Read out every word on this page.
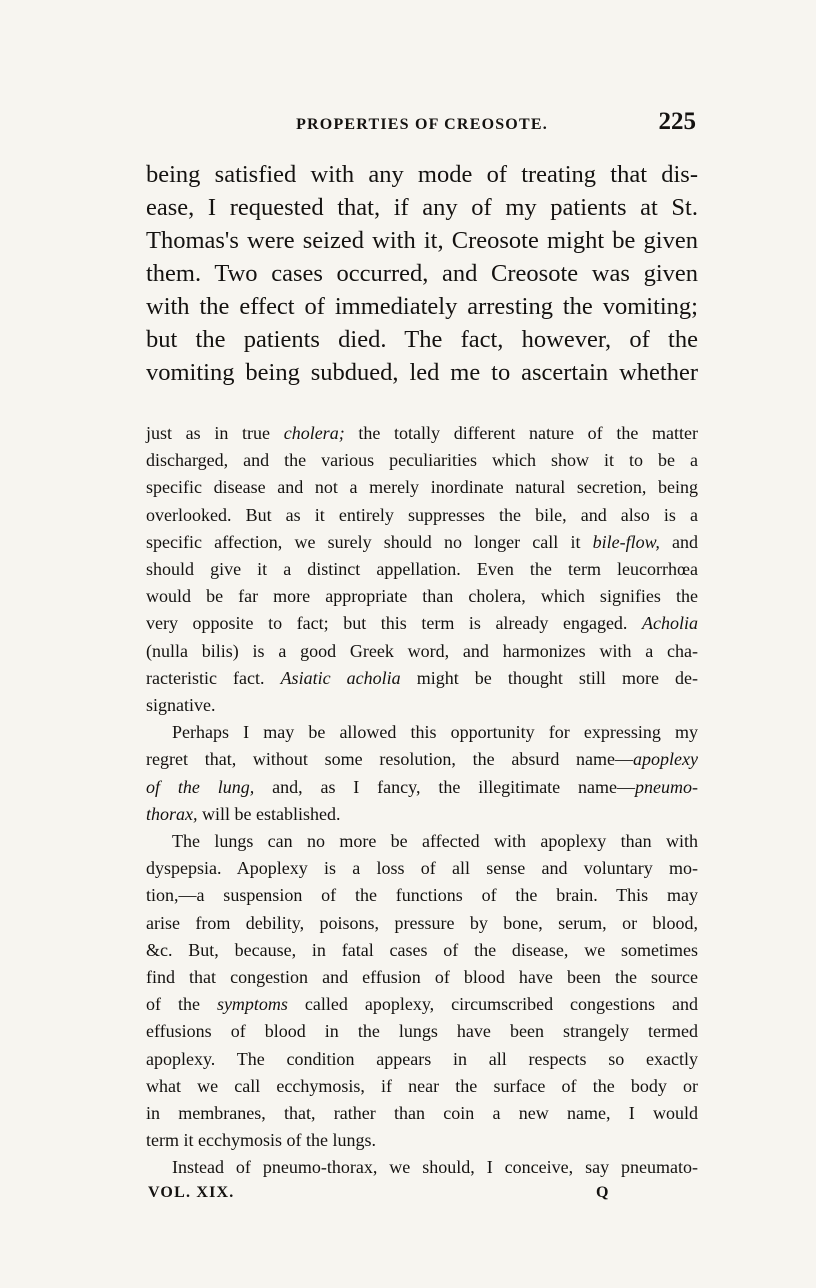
PROPERTIES OF CREOSOTE.	225
being satisfied with any mode of treating that dis-
ease, I requested that, if any of my patients at St.
Thomas's were seized with it, Creosote might be given
them. Two cases occurred, and Creosote was given
with the effect of immediately arresting the vomiting;
but the patients died. The fact, however, of the
vomiting being subdued, led me to ascertain whether
just as in true cholera; the totally different nature of the matter
discharged, and the various peculiarities which show it to be a
specific disease and not a merely inordinate natural secretion, being
overlooked. But as it entirely suppresses the bile, and also is a
specific affection, we surely should no longer call it bile-flow, and
should give it a distinct appellation. Even the term leucorrhœa
would be far more appropriate than cholera, which signifies the
very opposite to fact; but this term is already engaged. Acholia
(nulla bilis) is a good Greek word, and harmonizes with a cha-
racteristic fact. Asiatic acholia might be thought still more de-
signative.
Perhaps I may be allowed this opportunity for expressing my
regret that, without some resolution, the absurd name—apoplexy
of the lung, and, as I fancy, the illegitimate name—pneumo-
thorax, will be established.
The lungs can no more be affected with apoplexy than with
dyspepsia. Apoplexy is a loss of all sense and voluntary mo-
tion,—a suspension of the functions of the brain. This may
arise from debility, poisons, pressure by bone, serum, or blood,
&c. But, because, in fatal cases of the disease, we sometimes
find that congestion and effusion of blood have been the source
of the symptoms called apoplexy, circumscribed congestions and
effusions of blood in the lungs have been strangely termed
apoplexy. The condition appears in all respects so exactly
what we call ecchymosis, if near the surface of the body or
in membranes, that, rather than coin a new name, I would
term it ecchymosis of the lungs.
Instead of pneumo-thorax, we should, I conceive, say pneumato-
VOL. XIX.	Q
